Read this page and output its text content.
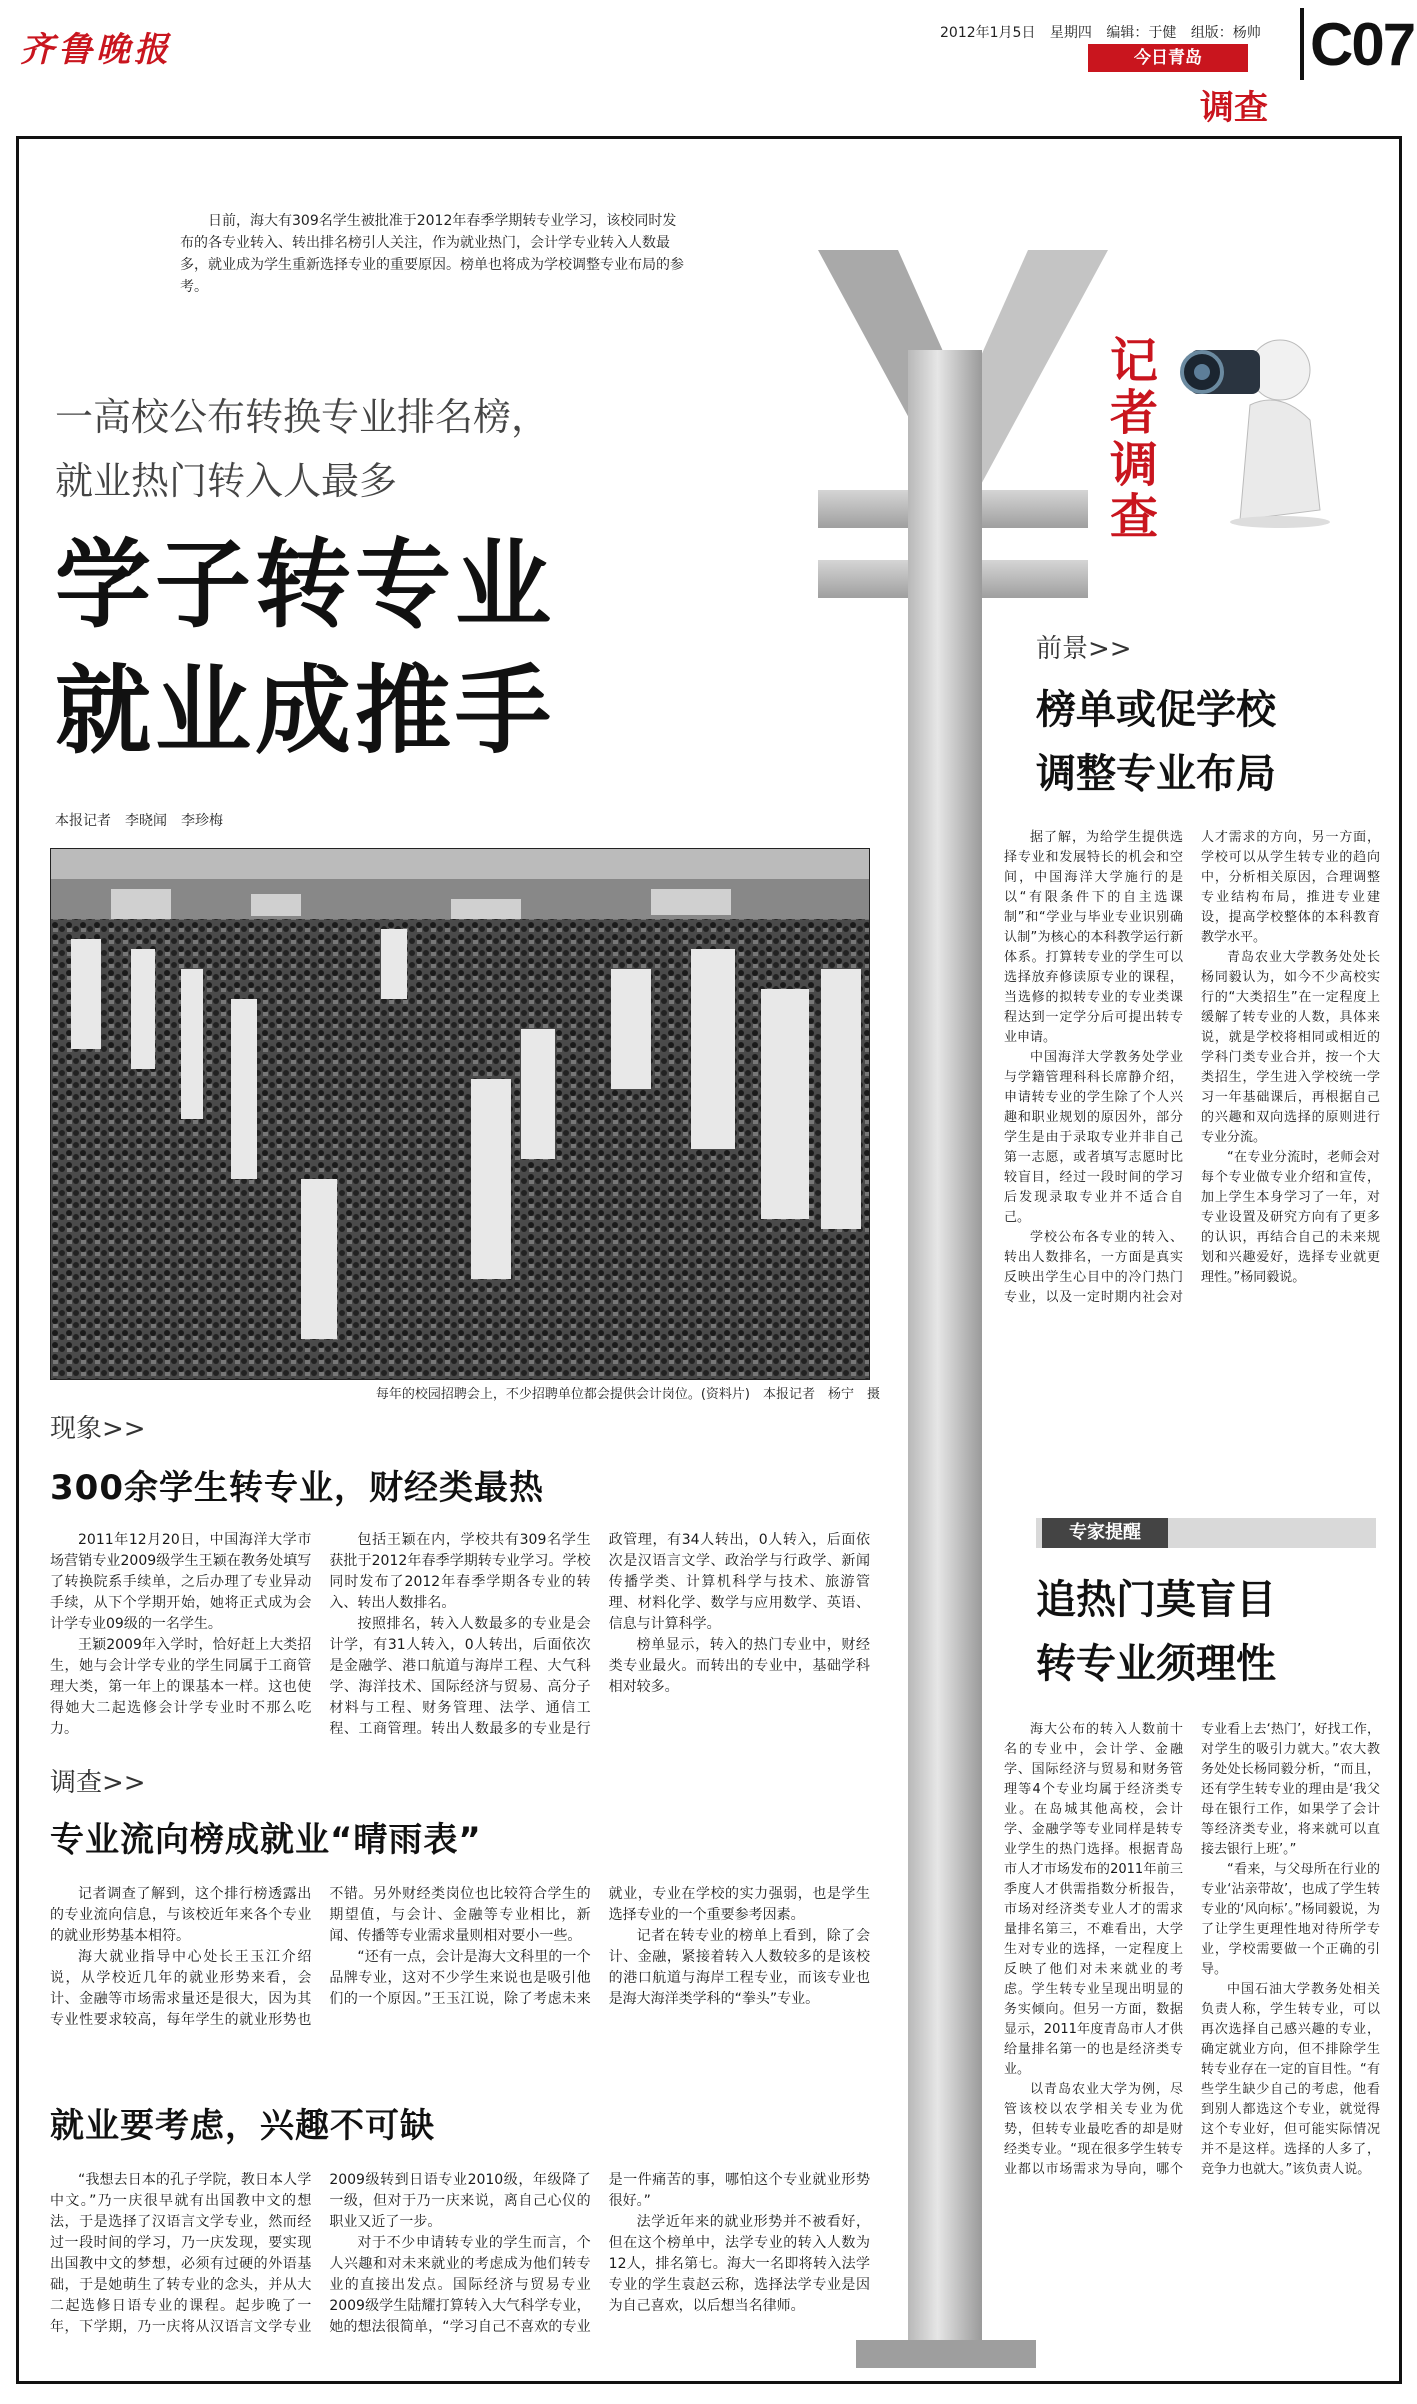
齐鲁晚报	2012年1月5日 星期四 编辑：于健 组版：杨帅 C07
今日青岛
调查
日前，海大有309名学生被批准于2012年春季学期转专业学习，该校同时发布的各专业转入、转出排名榜引人关注，作为就业热门，会计学专业转入人数最多，就业成为学生重新选择专业的重要原因。榜单也将成为学校调整专业布局的参考。
一高校公布转换专业排名榜，
就业热门转入人最多
学子转专业
就业成推手
本报记者　李晓闻　李珍梅
每年的校园招聘会上，不少招聘单位都会提供会计岗位。(资料片)　本报记者　杨宁　摄
记者调查
现象>>
300余学生转专业，财经类最热

2011年12月20日，中国海洋大学市场营销专业2009级学生王颖在教务处填写了转换院系手续单，之后办理了专业异动手续，从下个学期开始，她将正式成为会计学专业09级的一名学生。

王颖2009年入学时，恰好赶上大类招生，她与会计学专业的学生同属于工商管理大类，第一年上的课基本一样。这也使得她大二起选修会计学专业时不那么吃力。

包括王颖在内，学校共有309名学生获批于2012年春季学期转专业学习。学校同时发布了2012年春季学期各专业的转入、转出人数排名。

按照排名，转入人数最多的专业是会计学，有31人转入，0人转出，后面依次是金融学、港口航道与海岸工程、大气科学、海洋技术、国际经济与贸易、高分子材料与工程、财务管理、法学、通信工程、工商管理。转出人数最多的专业是行政管理，有34人转出，0人转入，后面依次是汉语言文学、政治学与行政学、新闻传播学类、计算机科学与技术、旅游管理、材料化学、数学与应用数学、英语、信息与计算科学。

榜单显示，转入的热门专业中，财经类专业最火。而转出的专业中，基础学科相对较多。

调查>>
专业流向榜成就业“晴雨表”

记者调查了解到，这个排行榜透露出的专业流向信息，与该校近年来各个专业的就业形势基本相符。

海大就业指导中心处长王玉江介绍说，从学校近几年的就业形势来看，会计、金融等市场需求量还是很大，因为其专业性要求较高，每年学生的就业形势也不错。另外财经类岗位也比较符合学生的期望值，与会计、金融等专业相比，新闻、传播等专业需求量则相对要小一些。

“还有一点，会计是海大文科里的一个品牌专业，这对不少学生来说也是吸引他们的一个原因。”王玉江说，除了考虑未来就业，专业在学校的实力强弱，也是学生选择专业的一个重要参考因素。

记者在转专业的榜单上看到，除了会计、金融，紧接着转入人数较多的是该校的港口航道与海岸工程专业，而该专业也是海大海洋类学科的“拳头”专业。

就业要考虑，兴趣不可缺

“我想去日本的孔子学院，教日本人学中文。”乃一庆很早就有出国教中文的想法，于是选择了汉语言文学专业，然而经过一段时间的学习，乃一庆发现，要实现出国教中文的梦想，必须有过硬的外语基础，于是她萌生了转专业的念头，并从大二起选修日语专业的课程。起步晚了一年，下学期，乃一庆将从汉语言文学专业2009级转到日语专业2010级，年级降了一级，但对于乃一庆来说，离自己心仪的职业又近了一步。

对于不少申请转专业的学生而言，个人兴趣和对未来就业的考虑成为他们转专业的直接出发点。国际经济与贸易专业2009级学生陆耀打算转入大气科学专业，她的想法很简单，“学习自己不喜欢的专业是一件痛苦的事，哪怕这个专业就业形势很好。”

法学近年来的就业形势并不被看好，但在这个榜单中，法学专业的转入人数为12人，排名第七。海大一名即将转入法学专业的学生袁赵云称，选择法学专业是因为自己喜欢，以后想当名律师。

前景>>
榜单或促学校
调整专业布局

据了解，为给学生提供选择专业和发展特长的机会和空间，中国海洋大学施行的是以“有限条件下的自主选课制”和“学业与毕业专业识别确认制”为核心的本科教学运行新体系。打算转专业的学生可以选择放弃修读原专业的课程，当选修的拟转专业的专业类课程达到一定学分后可提出转专业申请。

中国海洋大学教务处学业与学籍管理科科长席静介绍，申请转专业的学生除了个人兴趣和职业规划的原因外，部分学生是由于录取专业并非自己第一志愿，或者填写志愿时比较盲目，经过一段时间的学习后发现录取专业并不适合自己。

学校公布各专业的转入、转出人数排名，一方面是真实反映出学生心目中的冷门热门专业，以及一定时期内社会对人才需求的方向，另一方面，学校可以从学生转专业的趋向中，分析相关原因，合理调整专业结构布局，推进专业建设，提高学校整体的本科教育教学水平。

青岛农业大学教务处处长杨同毅认为，如今不少高校实行的“大类招生”在一定程度上缓解了转专业的人数，具体来说，就是学校将相同或相近的学科门类专业合并，按一个大类招生，学生进入学校统一学习一年基础课后，再根据自己的兴趣和双向选择的原则进行专业分流。

“在专业分流时，老师会对每个专业做专业介绍和宣传，加上学生本身学习了一年，对专业设置及研究方向有了更多的认识，再结合自己的未来规划和兴趣爱好，选择专业就更理性。”杨同毅说。

专家提醒
追热门莫盲目
转专业须理性

海大公布的转入人数前十名的专业中，会计学、金融学、国际经济与贸易和财务管理等4个专业均属于经济类专业。在岛城其他高校，会计学、金融学等专业同样是转专业学生的热门选择。根据青岛市人才市场发布的2011年前三季度人才供需指数分析报告，市场对经济类专业人才的需求量排名第三，不难看出，大学生对专业的选择，一定程度上反映了他们对未来就业的考虑。学生转专业呈现出明显的务实倾向。但另一方面，数据显示，2011年度青岛市人才供给量排名第一的也是经济类专业。

以青岛农业大学为例，尽管该校以农学相关专业为优势，但转专业最吃香的却是财经类专业。“现在很多学生转专业都以市场需求为导向，哪个专业看上去‘热门’，好找工作，对学生的吸引力就大。”农大教务处处长杨同毅分析，“而且，还有学生转专业的理由是‘我父母在银行工作，如果学了会计等经济类专业，将来就可以直接去银行上班’。”

“看来，与父母所在行业的专业‘沾亲带故’，也成了学生转专业的‘风向标’。”杨同毅说，为了让学生更理性地对待所学专业，学校需要做一个正确的引导。

中国石油大学教务处相关负责人称，学生转专业，可以再次选择自己感兴趣的专业，确定就业方向，但不排除学生转专业存在一定的盲目性。“有些学生缺少自己的考虑，他看到别人都选这个专业，就觉得这个专业好，但可能实际情况并不是这样。选择的人多了，竞争力也就大。”该负责人说。
